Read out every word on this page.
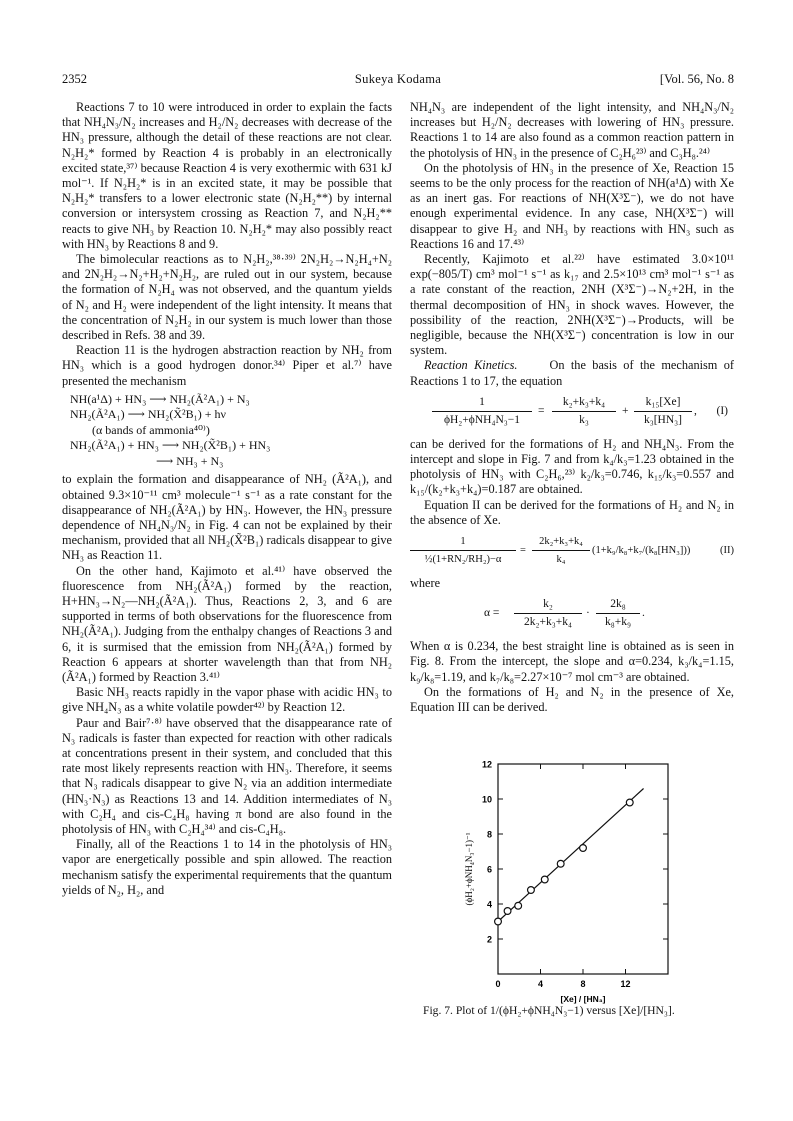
2352	Sukeya Kodama	[Vol. 56, No. 8

Reactions 7 to 10 were introduced in order to explain the facts that NH₄N₃/N₂ increases and H₂/N₂ decreases with decrease of the HN₃ pressure, although the detail of these reactions are not clear. N₂H₂* formed by Reaction 4 is probably in an electronically excited state,³⁷⁾ because Reaction 4 is very exothermic with 631 kJ mol⁻¹. If N₂H₂* is in an excited state, it may be possible that N₂H₂* transfers to a lower electronic state (N₂H₂**) by internal conversion or intersystem crossing as Reaction 7, and N₂H₂** reacts to give NH₃ by Reaction 10. N₂H₂* may also possibly react with HN₃ by Reactions 8 and 9.

The bimolecular reactions as to N₂H₂,³⁸·³⁹⁾ 2N₂H₂→N₂H₄+N₂ and 2N₂H₂→N₂+H₂+N₂H₂, are ruled out in our system, because the formation of N₂H₄ was not observed, and the quantum yields of N₂ and H₂ were independent of the light intensity. It means that the concentration of N₂H₂ in our system is much lower than those described in Refs. 38 and 39.

Reaction 11 is the hydrogen abstraction reaction by NH₂ from HN₃ which is a good hydrogen donor.³⁴⁾ Piper et al.⁷⁾ have presented the mechanism

NH(a¹Δ) + HN₃ ⟶ NH₂(Ã²A₁) + N₃
NH₂(Ã²A₁) ⟶ NH₂(X̃²B₁) + hν
(α bands of ammonia⁴⁰⁾)
NH₂(Ã²A₁) + HN₃ ⟶ NH₂(X̃²B₁) + HN₃
⟶ NH₃ + N₃

to explain the formation and disappearance of NH₂ (Ã²A₁), and obtained 9.3×10⁻¹¹ cm³ molecule⁻¹ s⁻¹ as a rate constant for the disappearance of NH₂(Ã²A₁) by HN₃. However, the HN₃ pressure dependence of NH₄N₃/N₂ in Fig. 4 can not be explained by their mechanism, provided that all NH₂(X̃²B₁) radicals disappear to give NH₃ as Reaction 11.

On the other hand, Kajimoto et al.⁴¹⁾ have observed the fluorescence from NH₂(Ã²A₁) formed by the reaction, H+HN₃→N₂—NH₂(Ã²A₁). Thus, Reactions 2, 3, and 6 are supported in terms of both observations for the fluorescence from NH₂(Ã²A₁). Judging from the enthalpy changes of Reactions 3 and 6, it is surmised that the emission from NH₂(Ã²A₁) formed by Reaction 6 appears at shorter wavelength than that from NH₂ (Ã²A₁) formed by Reaction 3.⁴¹⁾

Basic NH₃ reacts rapidly in the vapor phase with acidic HN₃ to give NH₄N₃ as a white volatile powder⁴²⁾ by Reaction 12.

Paur and Bair⁷·⁸⁾ have observed that the disappearance rate of N₃ radicals is faster than expected for reaction with other radicals at concentrations present in their system, and concluded that this rate most likely represents reaction with HN₃. Therefore, it seems that N₃ radicals disappear to give N₂ via an addition intermediate (HN₃·N₃) as Reactions 13 and 14. Addition intermediates of N₃ with C₂H₄ and cis-C₄H₈ having π bond are also found in the photolysis of HN₃ with C₂H₄³⁴⁾ and cis-C₄H₈.

Finally, all of the Reactions 1 to 14 in the photolysis of HN₃ vapor are energetically possible and spin allowed. The reaction mechanism satisfy the experimental requirements that the quantum yields of N₂, H₂, and

NH₄N₃ are independent of the light intensity, and NH₄N₃/N₂ increases but H₂/N₂ decreases with lowering of HN₃ pressure. Reactions 1 to 14 are also found as a common reaction pattern in the photolysis of HN₃ in the presence of C₂H₆²³⁾ and C₃H₈.²⁴⁾

On the photolysis of HN₃ in the presence of Xe, Reaction 15 seems to be the only process for the reaction of NH(a¹Δ) with Xe as an inert gas. For reactions of NH(X³Σ⁻), we do not have enough experimental evidence. In any case, NH(X³Σ⁻) will disappear to give H₂ and NH₃ by reactions with HN₃ such as Reactions 16 and 17.⁴³⁾

Recently, Kajimoto et al.²²⁾ have estimated 3.0×10¹¹ exp(−805/T) cm³ mol⁻¹ s⁻¹ as k₁₇ and 2.5×10¹³ cm³ mol⁻¹ s⁻¹ as a rate constant of the reaction, 2NH (X³Σ⁻)→N₂+2H, in the thermal decomposition of HN₃ in shock waves. However, the possibility of the reaction, 2NH(X³Σ⁻)→Products, will be negligible, because the NH(X³Σ⁻) concentration is low in our system.

Reaction Kinetics.	On the basis of the mechanism of Reactions 1 to 17, the equation

1
ϕH₂+ϕNH₄N₃−1
= $\frac{\text{k₂+k₃+k₄}}{\text{k₃}} + \frac{\text{k₁₅[Xe]}}{\text{k₃[HN₃]}}$ , (I)

can be derived for the formations of H₂ and NH₄N₃. From the intercept and slope in Fig. 7 and from k₄/k₃=1.23 obtained in the photolysis of HN₃ with C₂H₆,²³⁾ k₂/k₃=0.746, k₁₅/k₃=0.557 and k₁₅/(k₂+k₃+k₄)=0.187 are obtained.

Equation II can be derived for the formations of H₂ and N₂ in the absence of Xe.

$\frac{1}{\text{½(1+RN₂/RH₂)−α}} = \frac{\text{2k₂+k₃+k₄}}{\text{k₄}} (1+k_9/k_8+k_7/(k_8[HN_3]))$	(II)

where

$\alpha = \frac{\text{k₂}}{\text{2k₂+k₃+k₄}} \cdot \frac{\text{2k₈}}{\text{k₈+k₉}}$ .

When α is 0.234, the best straight line is obtained as is seen in Fig. 8. From the intercept, the slope and α=0.234, k₃/k₄=1.15, k₉/k₈=1.19, and k₇/k₈=2.27×10⁻⁷ mol cm⁻³ are obtained.

On the formations of H₂ and N₂ in the presence of Xe, Equation III can be derived.

2
4
6
8
10
12
0	4	8	12
[Xe] / [HN₃]
(ϕH₂+ϕNH₄N₃−1)⁻¹
Fig. 7. Plot of 1/(ϕH₂+ϕNH₄N₃−1) versus [Xe]/[HN₃].
